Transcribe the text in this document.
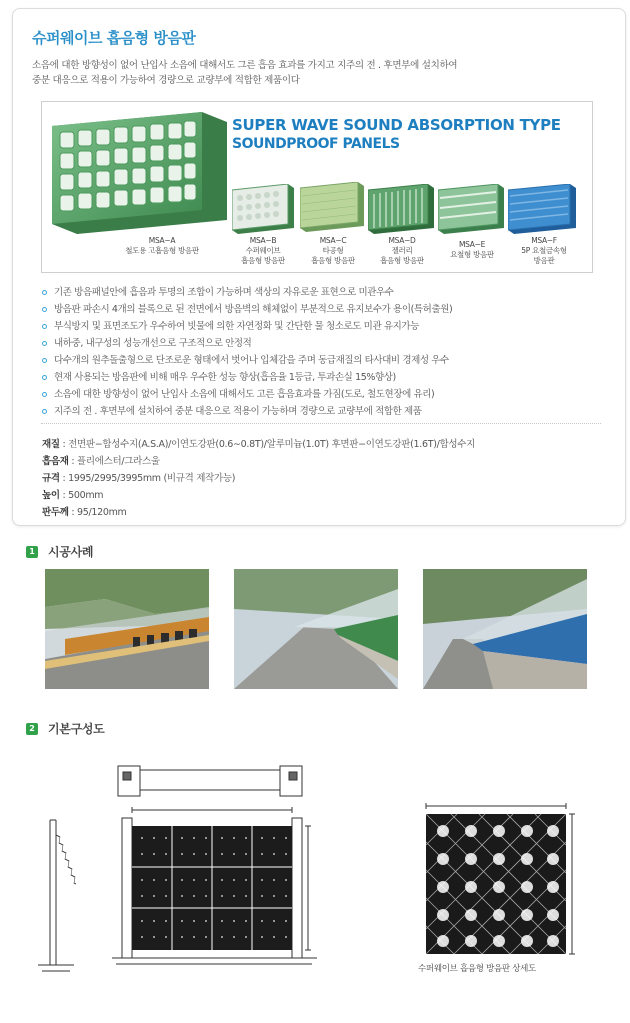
슈퍼웨이브 흡음형 방음판
소음에 대한 방향성이 없어 난입사 소음에 대해서도 그른 흡음 효과를 가지고 지주의 전 . 후면부에 설치하여
중분 대응으로 적용이 가능하여 경량으로 교량부에 적합한 제품이다
SUPER WAVE SOUND ABSORPTION TYPE
SOUNDPROOF PANELS
MSA−A
철도용 고흡음형 방음판
MSA−B
수퍼웨이브
흡음형 방음판
MSA−C
타공형
흡음형 방음판
MSA−D
젤러리
흡음형 방음판
MSA−E
요철형 방음판
MSA−F
5P 요철금속형
방음판
기존 방음패널안에 흡음과 투명의 조합이 가능하며 색상의 자유로운 표현으로 미관우수
방음판 파손시 4개의 블록으로 된 전면에서 방음벽의 해체없이 부분적으로 유지보수가 용이(특허출원)
부식방지 및 표면조도가 우수하여 빗물에 의한 자연정화 및 간단한 물 청소로도 미관 유지가능
내하중, 내구성의 성능개선으로 구조적으로 안정적
다수개의 원추돌출형으로 단조로운 형태에서 벗어나 입체감을 주며 동급재질의 타사대비 경제성 우수
현재 사용되는 방음판에 비해 매우 우수한 성능 향상(흡음율 1등급, 투과손실 15%향상)
소음에 대한 방향성이 없어 난입사 소음에 대해서도 고른 흡음효과를 가짐(도로, 철도현장에 유리)
지주의 전 . 후면부에 설치하여 중분 대응으로 적용이 가능하며 경량으로 교량부에 적합한 제품
재질 : 전면판−합성수지(A.S.A)/이연도강판(0.6∼0.8T)/알루미늄(1.0T) 후면판−이연도강판(1.6T)/합성수지
흡음재 : 플리에스터/그라스울
규격 : 1995/2995/3995mm (비규격 제작가능)
높이 : 500mm
판두께 : 95/120mm
1 시공사례
2 기본구성도
수퍼웨이브 흡음형 방음판 상세도
